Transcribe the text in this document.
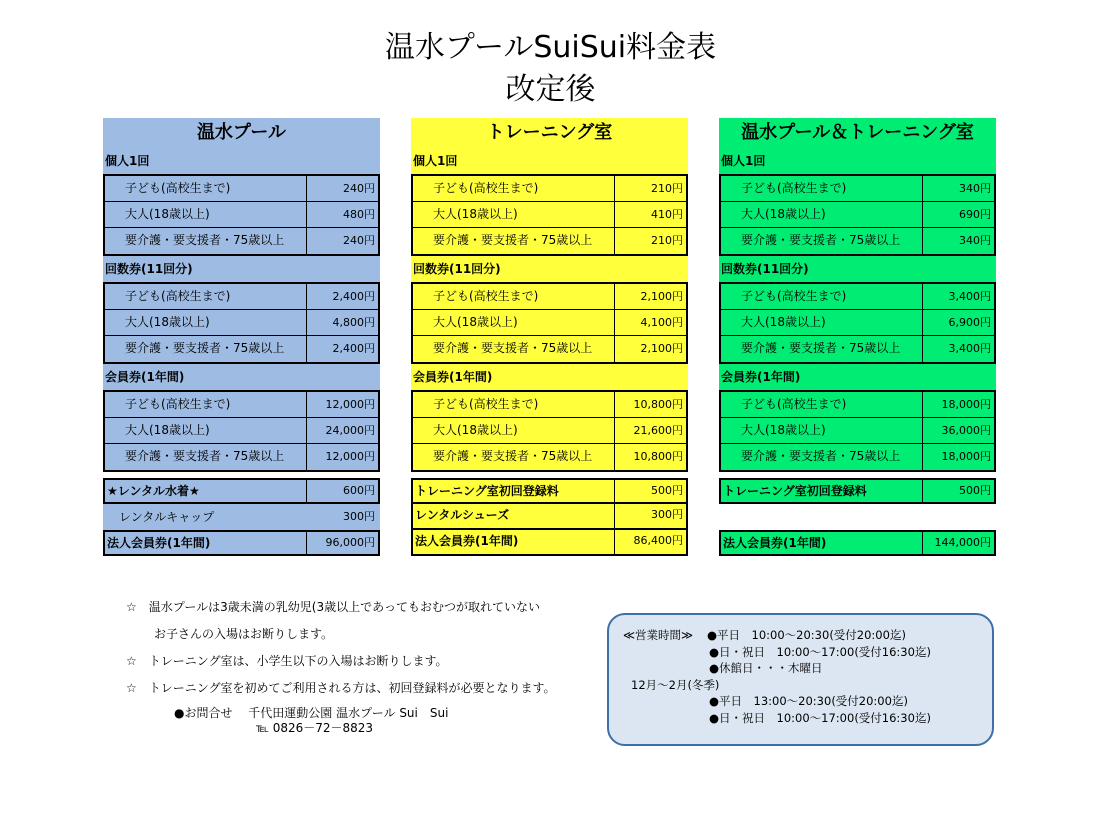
温水プールSuiSui料金表
改定後
温水プール
個人1回
子ども(高校生まで)	240円
大人(18歳以上)	480円
要介護・要支援者・75歳以上	240円
回数券(11回分)
子ども(高校生まで)	2,400円
大人(18歳以上)	4,800円
要介護・要支援者・75歳以上	2,400円
会員券(1年間)
子ども(高校生まで)	12,000円
大人(18歳以上)	24,000円
要介護・要支援者・75歳以上	12,000円
★レンタル水着★	600円
レンタルキャップ	300円
法人会員券(1年間)	96,000円
トレーニング室
個人1回
子ども(高校生まで)	210円
大人(18歳以上)	410円
要介護・要支援者・75歳以上	210円
回数券(11回分)
子ども(高校生まで)	2,100円
大人(18歳以上)	4,100円
要介護・要支援者・75歳以上	2,100円
会員券(1年間)
子ども(高校生まで)	10,800円
大人(18歳以上)	21,600円
要介護・要支援者・75歳以上	10,800円
トレーニング室初回登録料	500円
レンタルシューズ	300円
法人会員券(1年間)	86,400円
温水プール＆トレーニング室
個人1回
子ども(高校生まで)	340円
大人(18歳以上)	690円
要介護・要支援者・75歳以上	340円
回数券(11回分)
子ども(高校生まで)	3,400円
大人(18歳以上)	6,900円
要介護・要支援者・75歳以上	3,400円
会員券(1年間)
子ども(高校生まで)	18,000円
大人(18歳以上)	36,000円
要介護・要支援者・75歳以上	18,000円
トレーニング室初回登録料	500円
法人会員券(1年間)	144,000円
☆　温水プールは3歳未満の乳幼児(3歳以上であってもおむつが取れていない
お子さんの入場はお断りします。
☆　トレーニング室は、小学生以下の入場はお断りします。
☆　トレーニング室を初めてご利用される方は、初回登録料が必要となります。
●お問合せ　 千代田運動公園 温水プール Sui　Sui
℡ 0826－72－8823
≪営業時間≫ ●平日　10:00～20:30(受付20:00迄)
●日・祝日　10:00～17:00(受付16:30迄)
●休館日・・・木曜日
12月～2月(冬季)
●平日　13:00～20:30(受付20:00迄)
●日・祝日　10:00～17:00(受付16:30迄)
